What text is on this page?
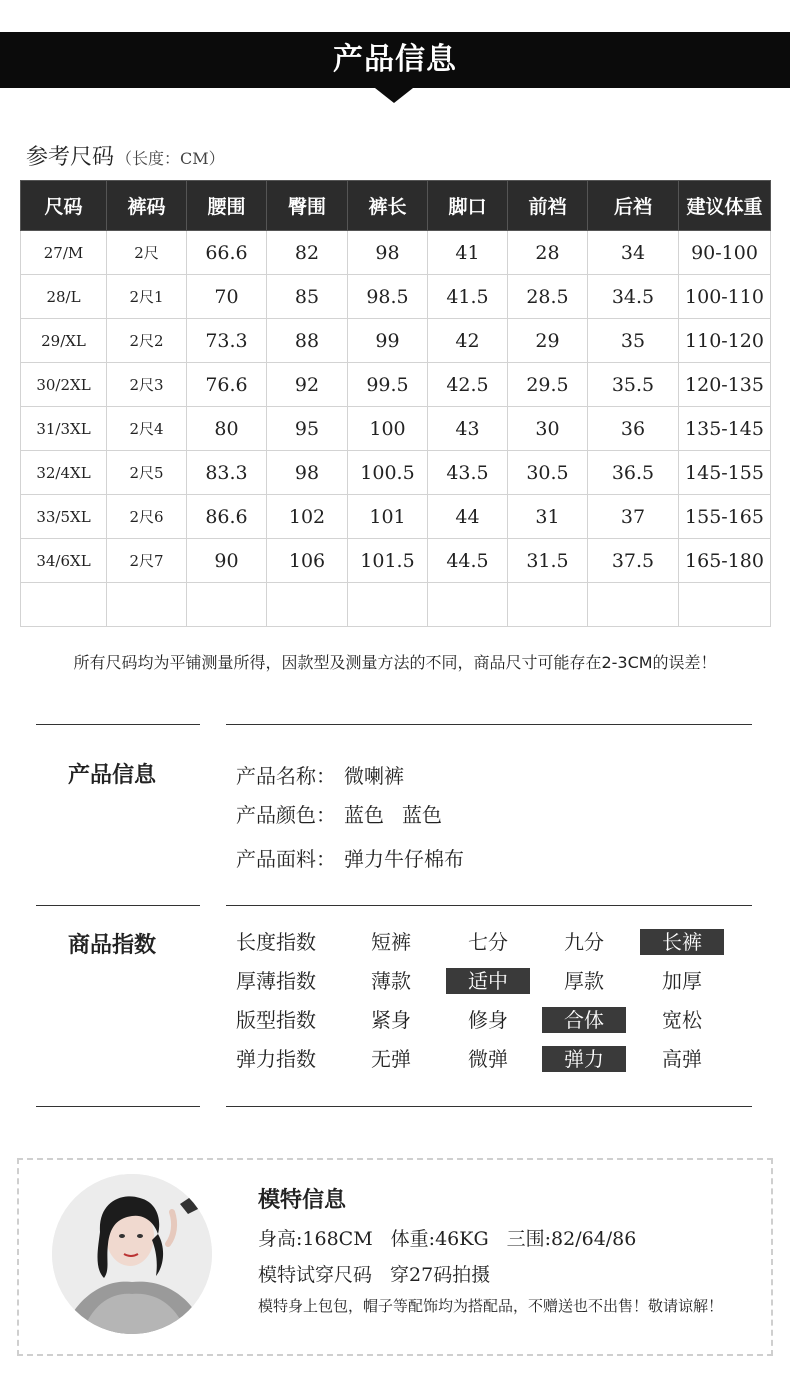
产品信息
参考尺码 （长度：CM）
尺码	裤码	腰围	臀围	裤长	脚口	前裆	后裆	建议体重
27/M	2尺	66.6	82	98	41	28	34	90-100
28/L	2尺1	70	85	98.5	41.5	28.5	34.5	100-110
29/XL	2尺2	73.3	88	99	42	29	35	110-120
30/2XL	2尺3	76.6	92	99.5	42.5	29.5	35.5	120-135
31/3XL	2尺4	80	95	100	43	30	36	135-145
32/4XL	2尺5	83.3	98	100.5	43.5	30.5	36.5	145-155
33/5XL	2尺6	86.6	102	101	44	31	37	155-165
34/6XL	2尺7	90	106	101.5	44.5	31.5	37.5	165-180

所有尺码均为平铺测量所得，因款型及测量方法的不同，商品尺寸可能存在2-3CM的误差！
产品信息	产品名称： 微喇裤
产品颜色： 蓝色 蓝色
产品面料： 弹力牛仔棉布
商品指数	长度指数	短裤	七分	九分	长裤
厚薄指数	薄款	适中	厚款	加厚
版型指数	紧身	修身	合体	宽松
弹力指数	无弹	微弹	弹力	高弹
模特信息
身高:168CM 体重:46KG 三围:82/64/86
模特试穿尺码 穿27码拍摄
模特身上包包，帽子等配饰均为搭配品，不赠送也不出售！敬请谅解！
